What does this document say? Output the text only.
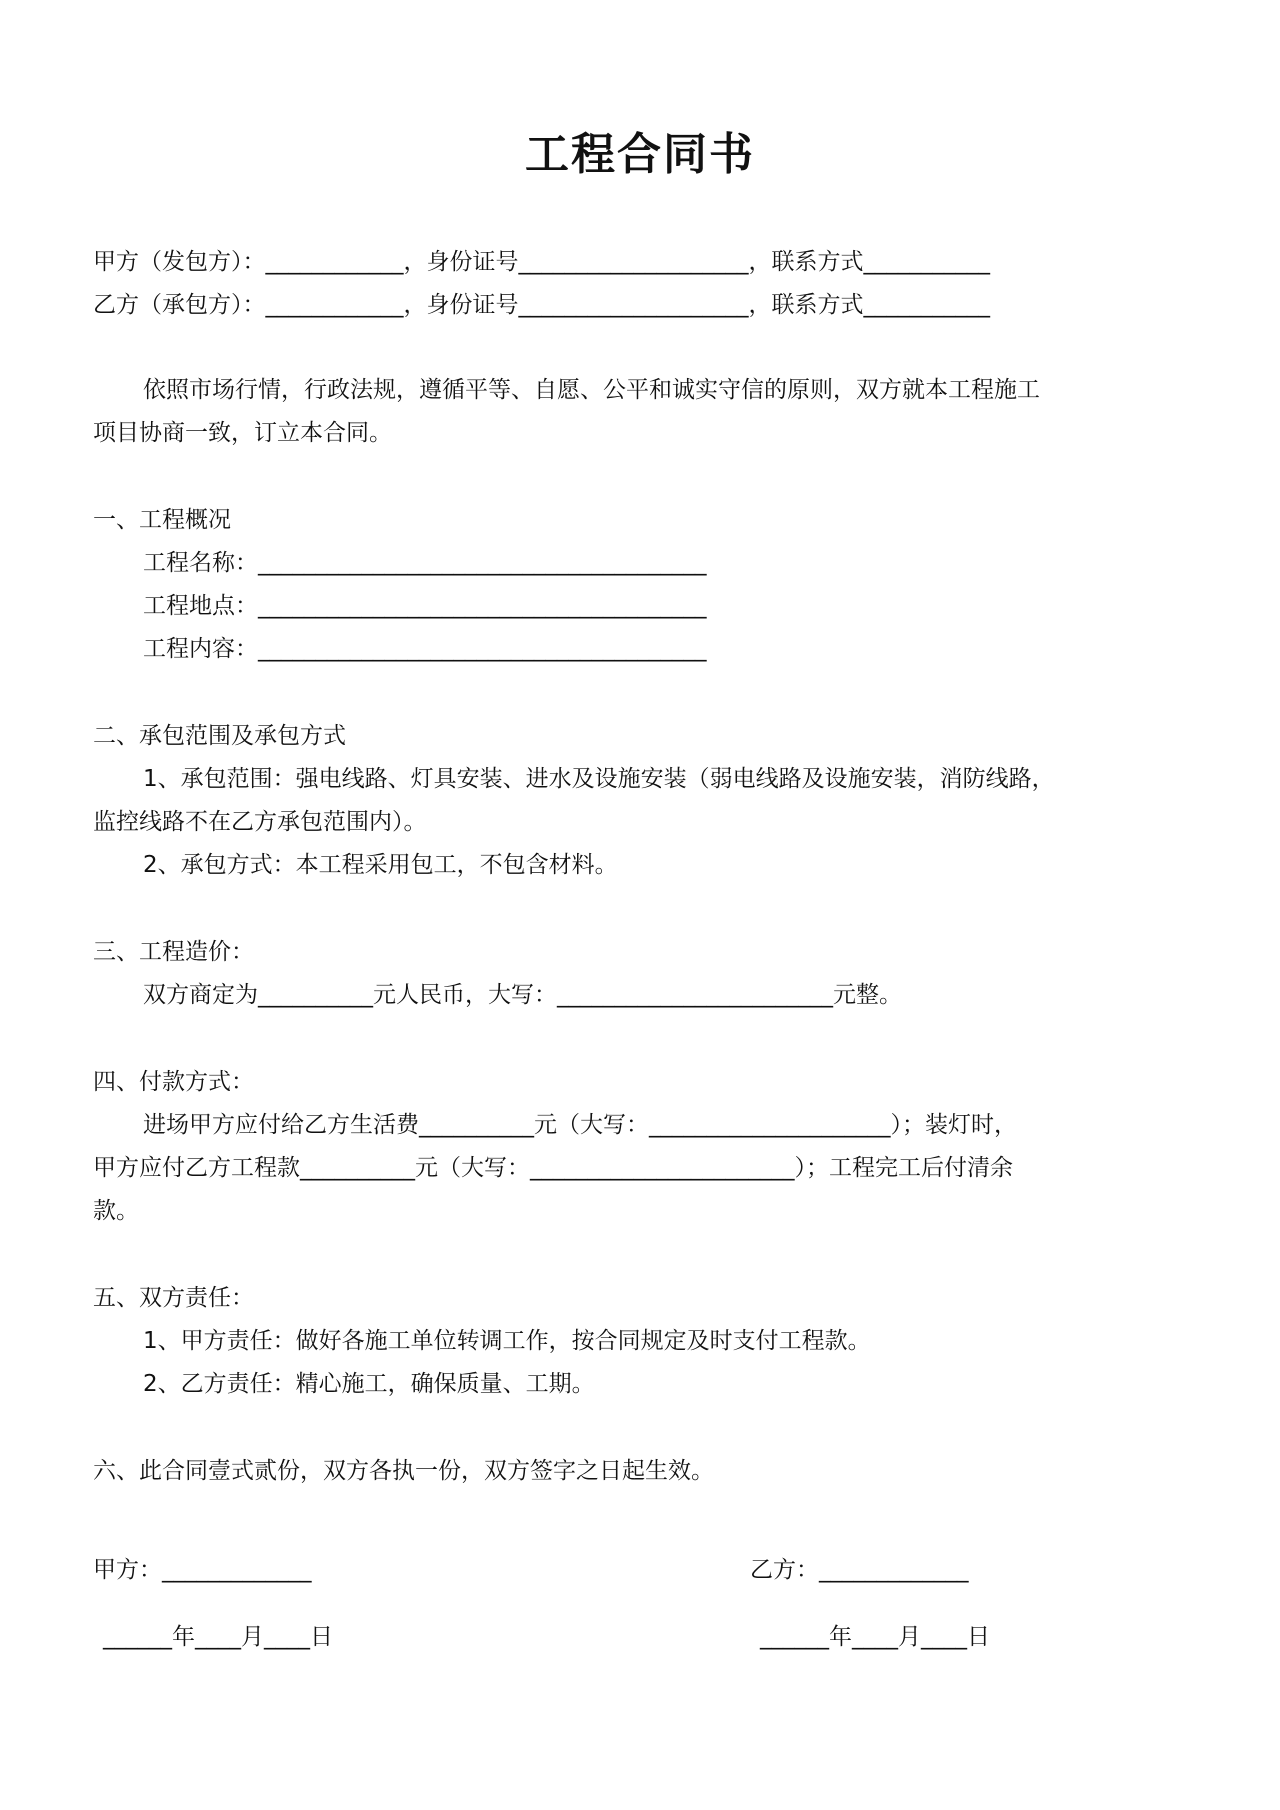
工程合同书
甲方（发包方）：____________，身份证号____________________，联系方式___________
乙方（承包方）：____________，身份证号____________________，联系方式___________
依照市场行情，行政法规，遵循平等、自愿、公平和诚实守信的原则，双方就本工程施工
项目协商一致，订立本合同。
一、工程概况
工程名称：_______________________________________
工程地点：_______________________________________
工程内容：_______________________________________
二、承包范围及承包方式
1、承包范围：强电线路、灯具安装、进水及设施安装（弱电线路及设施安装，消防线路，
监控线路不在乙方承包范围内）。
2、承包方式：本工程采用包工，不包含材料。
三、工程造价：
双方商定为__________元人民币，大写：________________________元整。
四、付款方式：
进场甲方应付给乙方生活费__________元（大写：_____________________）；装灯时，
甲方应付乙方工程款__________元（大写：_______________________）；工程完工后付清余
款。
五、双方责任：
1、甲方责任：做好各施工单位转调工作，按合同规定及时支付工程款。
2、乙方责任：精心施工，确保质量、工期。
六、此合同壹式贰份，双方各执一份，双方签字之日起生效。
甲方：_____________	乙方：_____________
______年____月____日	______年____月____日
